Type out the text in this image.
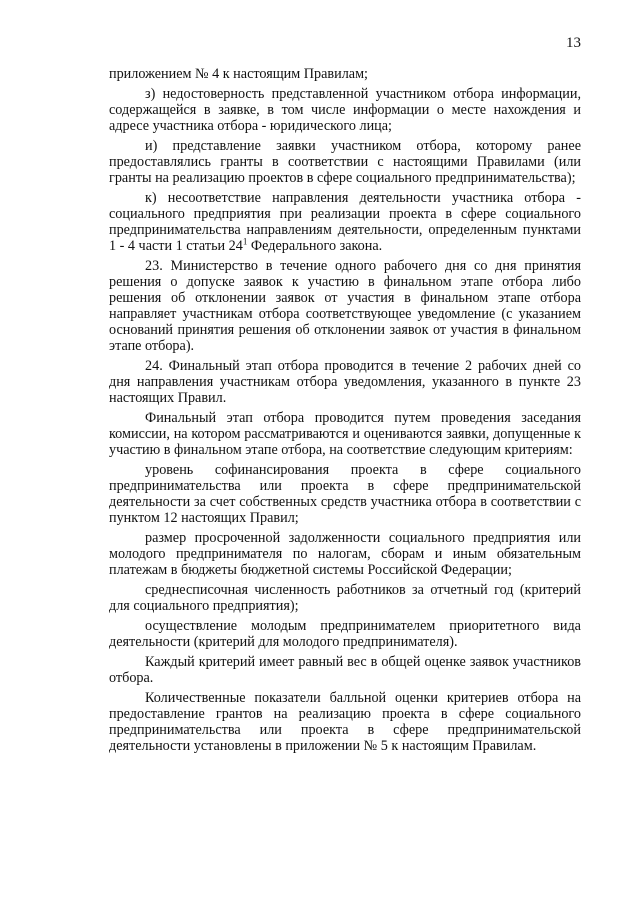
13

приложением № 4 к настоящим Правилам;

з) недостоверность представленной участником отбора информации, содержащейся в заявке, в том числе информации о месте нахождения и адресе участника отбора - юридического лица;

и) представление заявки участником отбора, которому ранее предоставлялись гранты в соответствии с настоящими Правилами (или гранты на реализацию проектов в сфере социального предпринимательства);

к) несоответствие направления деятельности участника отбора - социального предприятия при реализации проекта в сфере социального предпринимательства направлениям деятельности, определенным пунктами 1 - 4 части 1 статьи $24^1$ Федерального закона.

23. Министерство в течение одного рабочего дня со дня принятия решения о допуске заявок к участию в финальном этапе отбора либо решения об отклонении заявок от участия в финальном этапе отбора направляет участникам отбора соответствующее уведомление (с указанием оснований принятия решения об отклонении заявок от участия в финальном этапе отбора).

24. Финальный этап отбора проводится в течение 2 рабочих дней со дня направления участникам отбора уведомления, указанного в пункте 23 настоящих Правил.

Финальный этап отбора проводится путем проведения заседания комиссии, на котором рассматриваются и оцениваются заявки, допущенные к участию в финальном этапе отбора, на соответствие следующим критериям:

уровень софинансирования проекта в сфере социального предпринимательства или проекта в сфере предпринимательской деятельности за счет собственных средств участника отбора в соответствии с пунктом 12 настоящих Правил;

размер просроченной задолженности социального предприятия или молодого предпринимателя по налогам, сборам и иным обязательным платежам в бюджеты бюджетной системы Российской Федерации;

среднесписочная численность работников за отчетный год (критерий для социального предприятия);

осуществление молодым предпринимателем приоритетного вида деятельности (критерий для молодого предпринимателя).

Каждый критерий имеет равный вес в общей оценке заявок участников отбора.

Количественные показатели балльной оценки критериев отбора на предоставление грантов на реализацию проекта в сфере социального предпринимательства или проекта в сфере предпринимательской деятельности установлены в приложении № 5 к настоящим Правилам.
